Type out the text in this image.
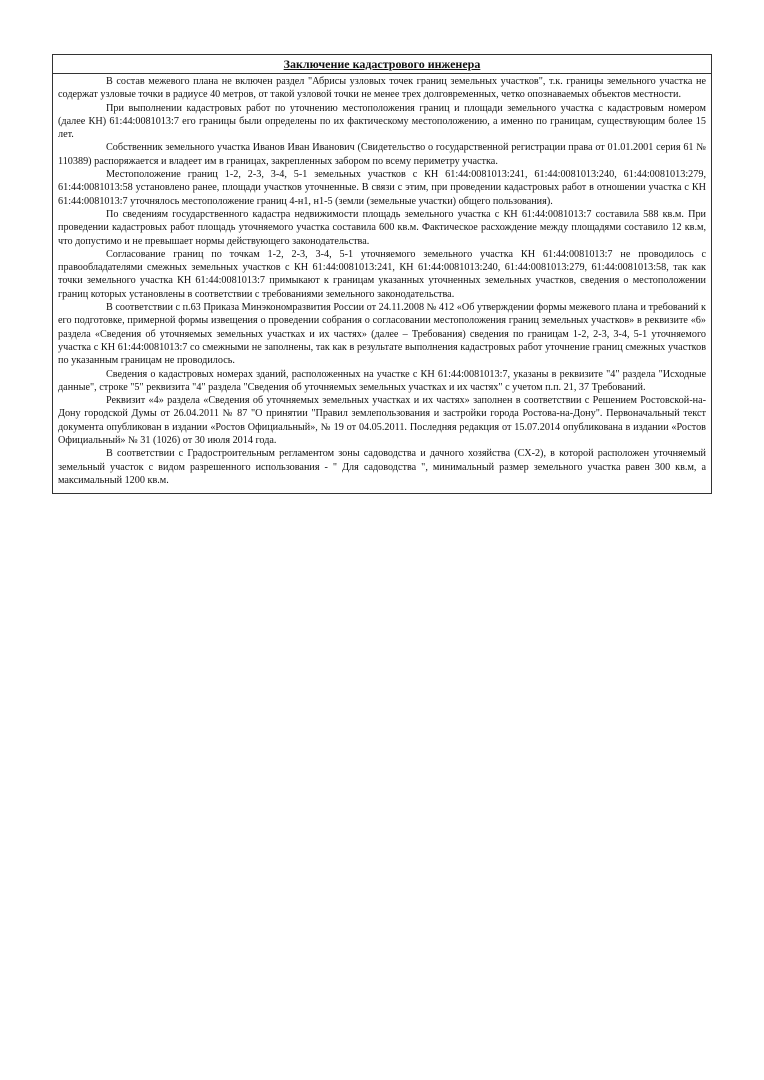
Заключение кадастрового инженера

В состав межевого плана не включен раздел "Абрисы узловых точек границ земельных участков", т.к. границы земельного участка не содержат узловые точки в радиусе 40 метров, от такой узловой точки не менее трех долговременных, четко опознаваемых объектов местности.

При выполнении кадастровых работ по уточнению местоположения границ и площади земельного участка с кадастровым номером (далее КН) 61:44:0081013:7 его границы были определены по их фактическому местоположению, а именно по границам, существующим более 15 лет.

Собственник земельного участка Иванов Иван Иванович (Свидетельство о государственной регистрации права от 01.01.2001 серия 61 № 110389) распоряжается и владеет им в границах, закрепленных забором по всему периметру участка.

Местоположение границ 1-2, 2-3, 3-4, 5-1 земельных участков с КН 61:44:0081013:241, 61:44:0081013:240, 61:44:0081013:279, 61:44:0081013:58 установлено ранее, площади участков уточненные. В связи с этим, при проведении кадастровых работ в отношении участка с КН 61:44:0081013:7 уточнялось местоположение границ 4-н1, н1-5 (земли (земельные участки) общего пользования).

По сведениям государственного кадастра недвижимости площадь земельного участка с КН 61:44:0081013:7 составила 588 кв.м. При проведении кадастровых работ площадь уточняемого участка составила 600 кв.м. Фактическое расхождение между площадями составило 12 кв.м, что допустимо и не превышает нормы действующего законодательства.

Согласование границ по точкам 1-2, 2-3, 3-4, 5-1 уточняемого земельного участка КН 61:44:0081013:7 не проводилось с правообладателями смежных земельных участков с КН 61:44:0081013:241, КН 61:44:0081013:240, 61:44:0081013:279, 61:44:0081013:58, так как точки земельного участка КН 61:44:0081013:7 примыкают к границам указанных уточненных земельных участков, сведения о местоположении границ которых установлены в соответствии с требованиями земельного законодательства.

В соответствии с п.63 Приказа Минэкономразвития России от 24.11.2008 № 412 «Об утверждении формы межевого плана и требований к его подготовке, примерной формы извещения о проведении собрания о согласовании местоположения границ земельных участков» в реквизите «6» раздела «Сведения об уточняемых земельных участках и их частях» (далее – Требования) сведения по границам 1-2, 2-3, 3-4, 5-1 уточняемого участка с КН 61:44:0081013:7 со смежными не заполнены, так как в результате выполнения кадастровых работ уточнение границ смежных участков по указанным границам не проводилось.

Сведения о кадастровых номерах зданий, расположенных на участке с КН 61:44:0081013:7, указаны в реквизите "4" раздела "Исходные данные", строке "5" реквизита "4" раздела "Сведения об уточняемых земельных участках и их частях" с учетом п.п. 21, 37 Требований.

Реквизит «4» раздела «Сведения об уточняемых земельных участках и их частях» заполнен в соответствии с Решением Ростовской-на-Дону городской Думы от 26.04.2011 № 87 "О принятии "Правил землепользования и застройки города Ростова-на-Дону". Первоначальный текст документа опубликован в издании «Ростов Официальный», № 19 от 04.05.2011. Последняя редакция от 15.07.2014 опубликована в издании «Ростов Официальный» № 31 (1026) от 30 июля 2014 года.

В соответствии с Градостроительным регламентом зоны садоводства и дачного хозяйства (СХ-2), в которой расположен уточняемый земельный участок с видом разрешенного использования - " Для садоводства ", минимальный размер земельного участка равен 300 кв.м, а максимальный 1200 кв.м.
